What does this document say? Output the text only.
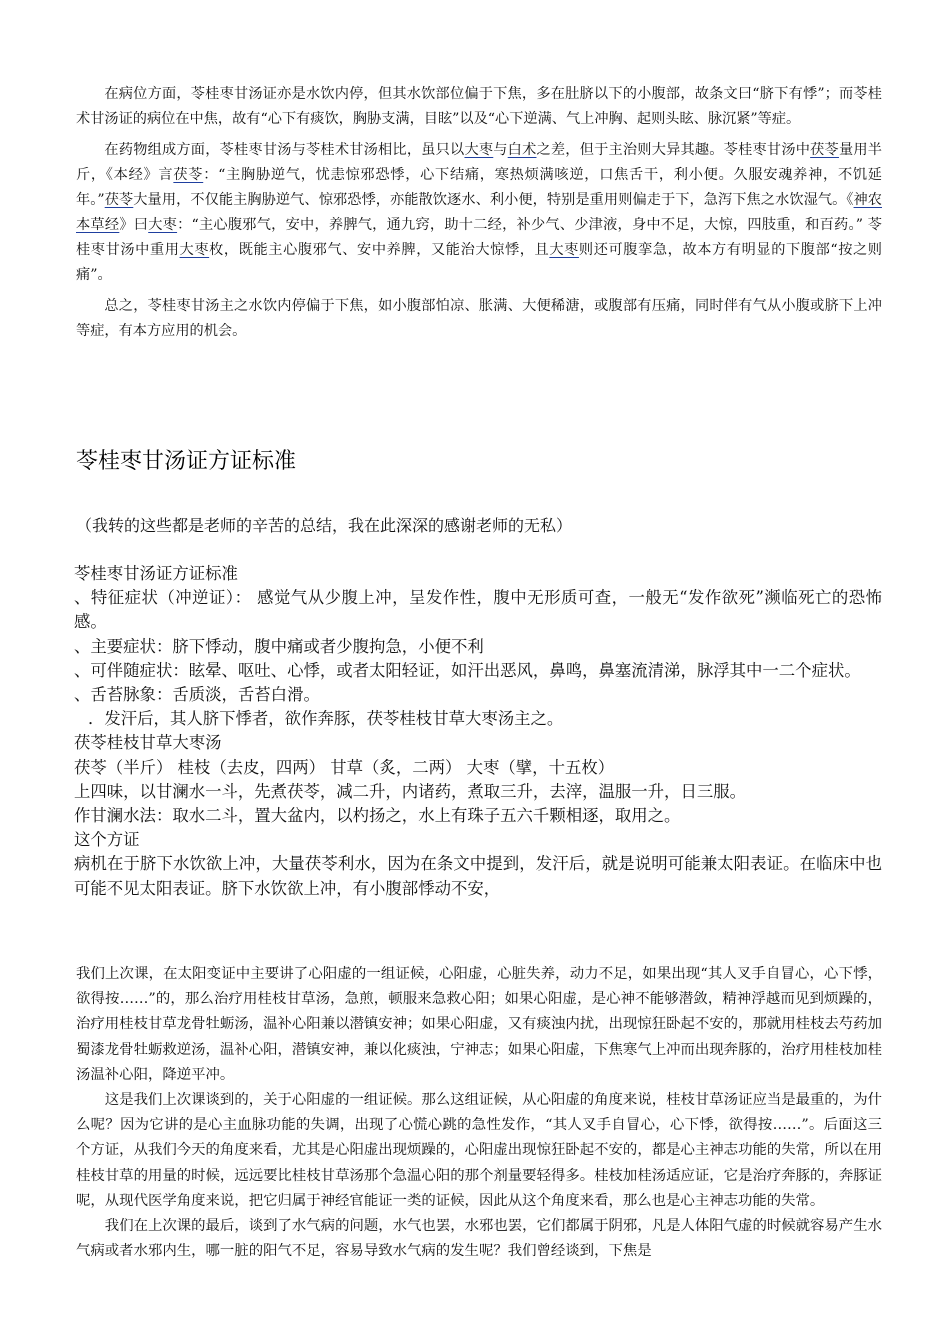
在病位方面，苓桂枣甘汤证亦是水饮内停，但其水饮部位偏于下焦，多在肚脐以下的小腹部，故条文曰“脐下有悸”；而苓桂术甘汤证的病位在中焦，故有“心下有痰饮，胸胁支满，目眩”以及“心下逆满、气上冲胸、起则头眩、脉沉紧”等症。

在药物组成方面，苓桂枣甘汤与苓桂术甘汤相比，虽只以大枣与白术之差，但于主治则大异其趣。苓桂枣甘汤中茯苓量用半斤，《本经》言茯苓：“主胸胁逆气，忧恚惊邪恐悸，心下结痛，寒热烦满咳逆，口焦舌干，利小便。久服安魂养神，不饥延年。”茯苓大量用，不仅能主胸胁逆气、惊邪恐悸，亦能散饮逐水、利小便，特别是重用则偏走于下，急泻下焦之水饮湿气。《神农本草经》曰大枣：“主心腹邪气，安中，养脾气，通九窍，助十二经，补少气、少津液，身中不足，大惊，四肢重，和百药。” 苓桂枣甘汤中重用大枣枚，既能主心腹邪气、安中养脾，又能治大惊悸，且大枣则还可腹挛急，故本方有明显的下腹部“按之则痛”。

总之，苓桂枣甘汤主之水饮内停偏于下焦，如小腹部怕凉、胀满、大便稀溏，或腹部有压痛，同时伴有气从小腹或脐下上冲等症，有本方应用的机会。

苓桂枣甘汤证方证标准

（我转的这些都是老师的辛苦的总结，我在此深深的感谢老师的无私）

苓桂枣甘汤证方证标准

、特征症状（冲逆证）： 感觉气从少腹上冲，呈发作性，腹中无形质可查，一般无“发作欲死”濒临死亡的恐怖感。

、主要症状：脐下悸动，腹中痛或者少腹拘急，小便不利

、可伴随症状：眩晕、呕吐、心悸，或者太阳轻证，如汗出恶风，鼻鸣，鼻塞流清涕，脉浮其中一二个症状。

、舌苔脉象：舌质淡，舌苔白滑。

．发汗后，其人脐下悸者，欲作奔豚，茯苓桂枝甘草大枣汤主之。

茯苓桂枝甘草大枣汤

茯苓（半斤） 桂枝（去皮，四两） 甘草（炙，二两） 大枣（擘，十五枚）

上四味，以甘澜水一斗，先煮茯苓，减二升，内诸药，煮取三升，去滓，温服一升，日三服。

作甘澜水法：取水二斗，置大盆内，以杓扬之，水上有珠子五六千颗相逐，取用之。

这个方证

病机在于脐下水饮欲上冲，大量茯苓利水，因为在条文中提到，发汗后，就是说明可能兼太阳表证。在临床中也可能不见太阳表证。脐下水饮欲上冲，有小腹部悸动不安，

我们上次课，在太阳变证中主要讲了心阳虚的一组证候，心阳虚，心脏失养，动力不足，如果出现“其人叉手自冒心，心下悸，欲得按……”的，那么治疗用桂枝甘草汤，急煎，顿服来急救心阳；如果心阳虚，是心神不能够潜敛，精神浮越而见到烦躁的，治疗用桂枝甘草龙骨牡蛎汤，温补心阳兼以潜镇安神；如果心阳虚，又有痰浊内扰，出现惊狂卧起不安的，那就用桂枝去芍药加蜀漆龙骨牡蛎救逆汤，温补心阳，潜镇安神，兼以化痰浊，宁神志；如果心阳虚，下焦寒气上冲而出现奔豚的，治疗用桂枝加桂汤温补心阳，降逆平冲。

这是我们上次课谈到的，关于心阳虚的一组证候。那么这组证候，从心阳虚的角度来说，桂枝甘草汤证应当是最重的，为什么呢？因为它讲的是心主血脉功能的失调，出现了心慌心跳的急性发作，“其人叉手自冒心，心下悸，欲得按……”。后面这三个方证，从我们今天的角度来看，尤其是心阳虚出现烦躁的，心阳虚出现惊狂卧起不安的，都是心主神志功能的失常，所以在用桂枝甘草的用量的时候，远远要比桂枝甘草汤那个急温心阳的那个剂量要轻得多。桂枝加桂汤适应证，它是治疗奔豚的，奔豚证呢，从现代医学角度来说，把它归属于神经官能证一类的证候，因此从这个角度来看，那么也是心主神志功能的失常。

我们在上次课的最后，谈到了水气病的问题，水气也罢，水邪也罢，它们都属于阴邪，凡是人体阳气虚的时候就容易产生水气病或者水邪内生，哪一脏的阳气不足，容易导致水气病的发生呢？我们曾经谈到，下焦是
